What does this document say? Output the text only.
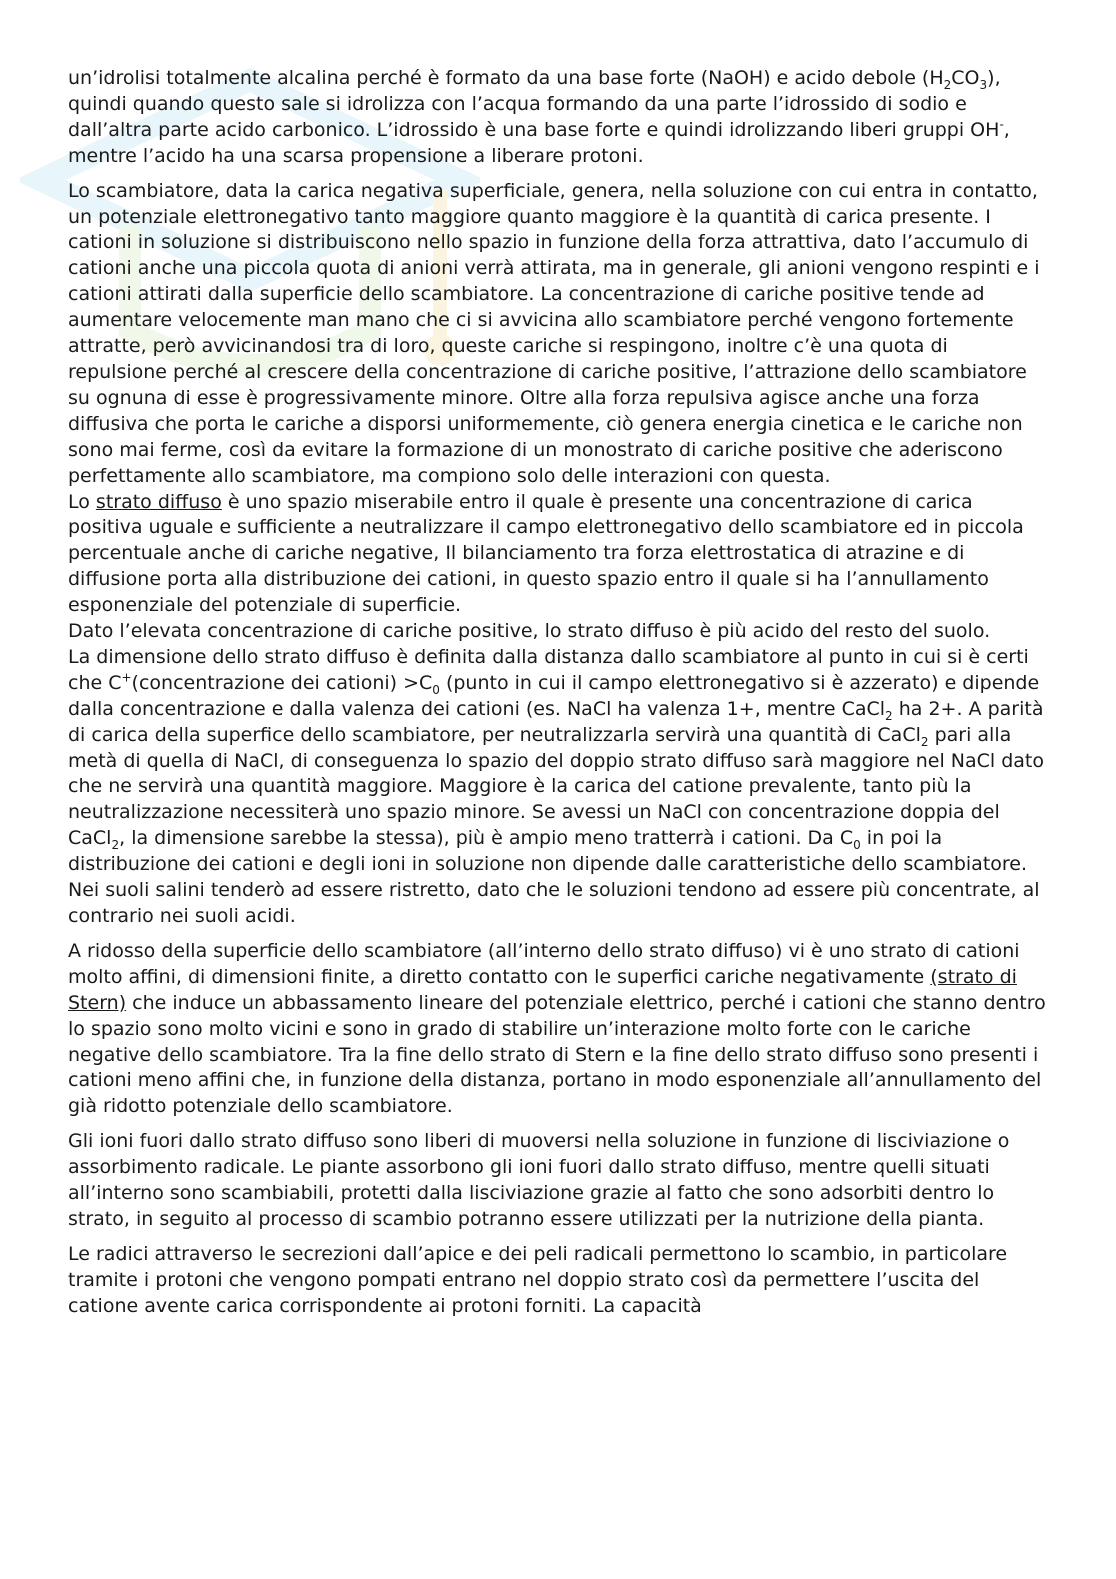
un’idrolisi totalmente alcalina perché è formato da una base forte (NaOH) e acido debole $(H_2CO_3)$, quindi quando questo sale si idrolizza con l’acqua formando da una parte l’idrossido di sodio e dall’altra parte acido carbonico. L’idrossido è una base forte e quindi idrolizzando liberi gruppi OH-, mentre l’acido ha una scarsa propensione a liberare protoni.

Lo scambiatore, data la carica negativa superficiale, genera, nella soluzione con cui entra in contatto, un potenziale elettronegativo tanto maggiore quanto maggiore è la quantità di carica presente. I cationi in soluzione si distribuiscono nello spazio in funzione della forza attrattiva, dato l’accumulo di cationi anche una piccola quota di anioni verrà attirata, ma in generale, gli anioni vengono respinti e i cationi attirati dalla superficie dello scambiatore. La concentrazione di cariche positive tende ad aumentare velocemente man mano che ci si avvicina allo scambiatore perché vengono fortemente attratte, però avvicinandosi tra di loro, queste cariche si respingono, inoltre c’è una quota di repulsione perché al crescere della concentrazione di cariche positive, l’attrazione dello scambiatore su ognuna di esse è progressivamente minore. Oltre alla forza repulsiva agisce anche una forza diffusiva che porta le cariche a disporsi uniformemente, ciò genera energia cinetica e le cariche non sono mai ferme, così da evitare la formazione di un monostrato di cariche positive che aderiscono perfettamente allo scambiatore, ma compiono solo delle interazioni con questa.

Lo strato diffuso è uno spazio miserabile entro il quale è presente una concentrazione di carica positiva uguale e sufficiente a neutralizzare il campo elettronegativo dello scambiatore ed in piccola percentuale anche di cariche negative, Il bilanciamento tra forza elettrostatica di atrazine e di diffusione porta alla distribuzione dei cationi, in questo spazio entro il quale si ha l’annullamento esponenziale del potenziale di superficie.

Dato l’elevata concentrazione di cariche positive, lo strato diffuso è più acido del resto del suolo.

La dimensione dello strato diffuso è definita dalla distanza dallo scambiatore al punto in cui si è certi che C+(concentrazione dei cationi) $>C_0$ (punto in cui il campo elettronegativo si è azzerato) e dipende dalla concentrazione e dalla valenza dei cationi (es. NaCl ha valenza 1+, mentre CaCl$_2$ ha 2+. A parità di carica della superfice dello scambiatore, per neutralizzarla servirà una quantità di CaCl$_2$ pari alla metà di quella di NaCl, di conseguenza lo spazio del doppio strato diffuso sarà maggiore nel NaCl dato che ne servirà una quantità maggiore. Maggiore è la carica del catione prevalente, tanto più la neutralizzazione necessiterà uno spazio minore. Se avessi un NaCl con concentrazione doppia del CaCl$_2$, la dimensione sarebbe la stessa), più è ampio meno tratterrà i cationi. Da $C_0$ in poi la distribuzione dei cationi e degli ioni in soluzione non dipende dalle caratteristiche dello scambiatore. Nei suoli salini tenderò ad essere ristretto, dato che le soluzioni tendono ad essere più concentrate, al contrario nei suoli acidi.

A ridosso della superficie dello scambiatore (all’interno dello strato diffuso) vi è uno strato di cationi molto affini, di dimensioni finite, a diretto contatto con le superfici cariche negativamente (strato di Stern) che induce un abbassamento lineare del potenziale elettrico, perché i cationi che stanno dentro lo spazio sono molto vicini e sono in grado di stabilire un’interazione molto forte con le cariche negative dello scambiatore. Tra la fine dello strato di Stern e la fine dello strato diffuso sono presenti i cationi meno affini che, in funzione della distanza, portano in modo esponenziale all’annullamento del già ridotto potenziale dello scambiatore.

Gli ioni fuori dallo strato diffuso sono liberi di muoversi nella soluzione in funzione di lisciviazione o assorbimento radicale. Le piante assorbono gli ioni fuori dallo strato diffuso, mentre quelli situati all’interno sono scambiabili, protetti dalla lisciviazione grazie al fatto che sono adsorbiti dentro lo strato, in seguito al processo di scambio potranno essere utilizzati per la nutrizione della pianta.

Le radici attraverso le secrezioni dall’apice e dei peli radicali permettono lo scambio, in particolare tramite i protoni che vengono pompati entrano nel doppio strato così da permettere l’uscita del catione avente carica corrispondente ai protoni forniti. La capacità
